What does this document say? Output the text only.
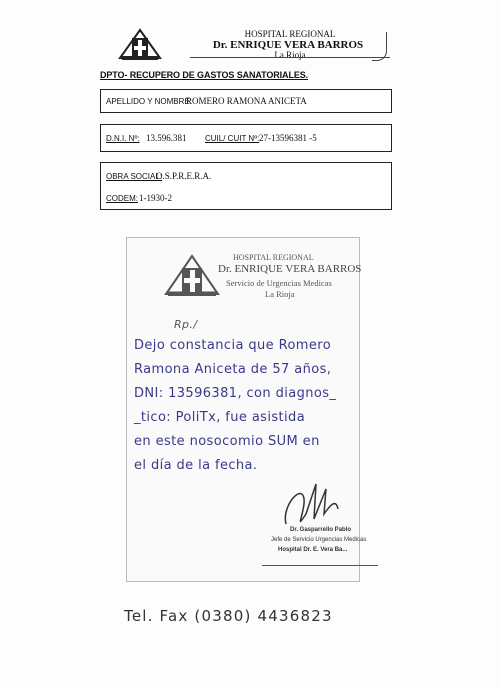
HOSPITAL REGIONAL
Dr. ENRIQUE VERA BARROS
La Rioja
DPTO- RECUPERO DE GASTOS SANATORIALES.
APELLIDO Y NOMBRE:
ROMERO RAMONA ANICETA
D.N.I. Nº: 13.596.381 CUIL/ CUIT Nº: 27-13596381 -5
OBRA SOCIAL:
O.S.P.R.E.R.A.
CODEM: 1-1930-2
HOSPITAL REGIONAL
Dr. ENRIQUE VERA BARROS
Servicio de Urgencias Medicas
La Rioja
Rp./
Dejo constancia que Romero
Ramona Aniceta de 57 años,
DNI: 13596381, con diagnos_
_tico: PoliTx, fue asistida
en este nosocomio SUM en
el día de la fecha.
Dr. Gasparrello Pablo
Jefe de Servicio Urgencias Medicas
Hospital Dr. E. Vera Ba...
Tel. Fax (0380) 4436823
